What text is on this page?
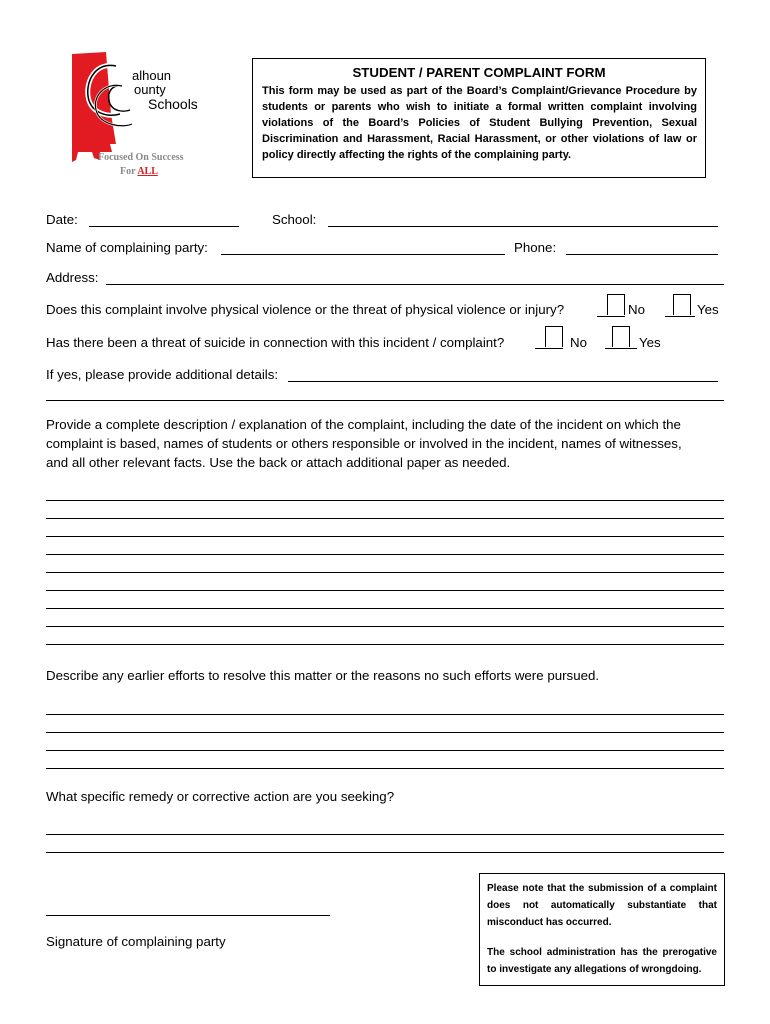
alhoun
ounty
Schools
Focused On Success
For ALL
STUDENT / PARENT COMPLAINT FORM
This form may be used as part of the Board’s Complaint/Grievance Procedure by students or parents who wish to initiate a formal written complaint involving violations of the Board’s Policies of Student Bullying Prevention, Sexual Discrimination and Harassment, Racial Harassment, or other violations of law or policy directly affecting the rights of the complaining party.
Date:	School:
Name of complaining party:	Phone:
Address:
Does this complaint involve physical violence or the threat of physical violence or injury?	No	Yes
Has there been a threat of suicide in connection with this incident / complaint?	No	Yes
If yes, please provide additional details:
Provide a complete description / explanation of the complaint, including the date of the incident on which the
complaint is based, names of students or others responsible or involved in the incident, names of witnesses,
and all other relevant facts. Use the back or attach additional paper as needed.
Describe any earlier efforts to resolve this matter or the reasons no such efforts were pursued.
What specific remedy or corrective action are you seeking?
Signature of complaining party
Please note that the submission of a complaint does not automatically substantiate that misconduct has occurred.
The school administration has the prerogative to investigate any allegations of wrongdoing.
